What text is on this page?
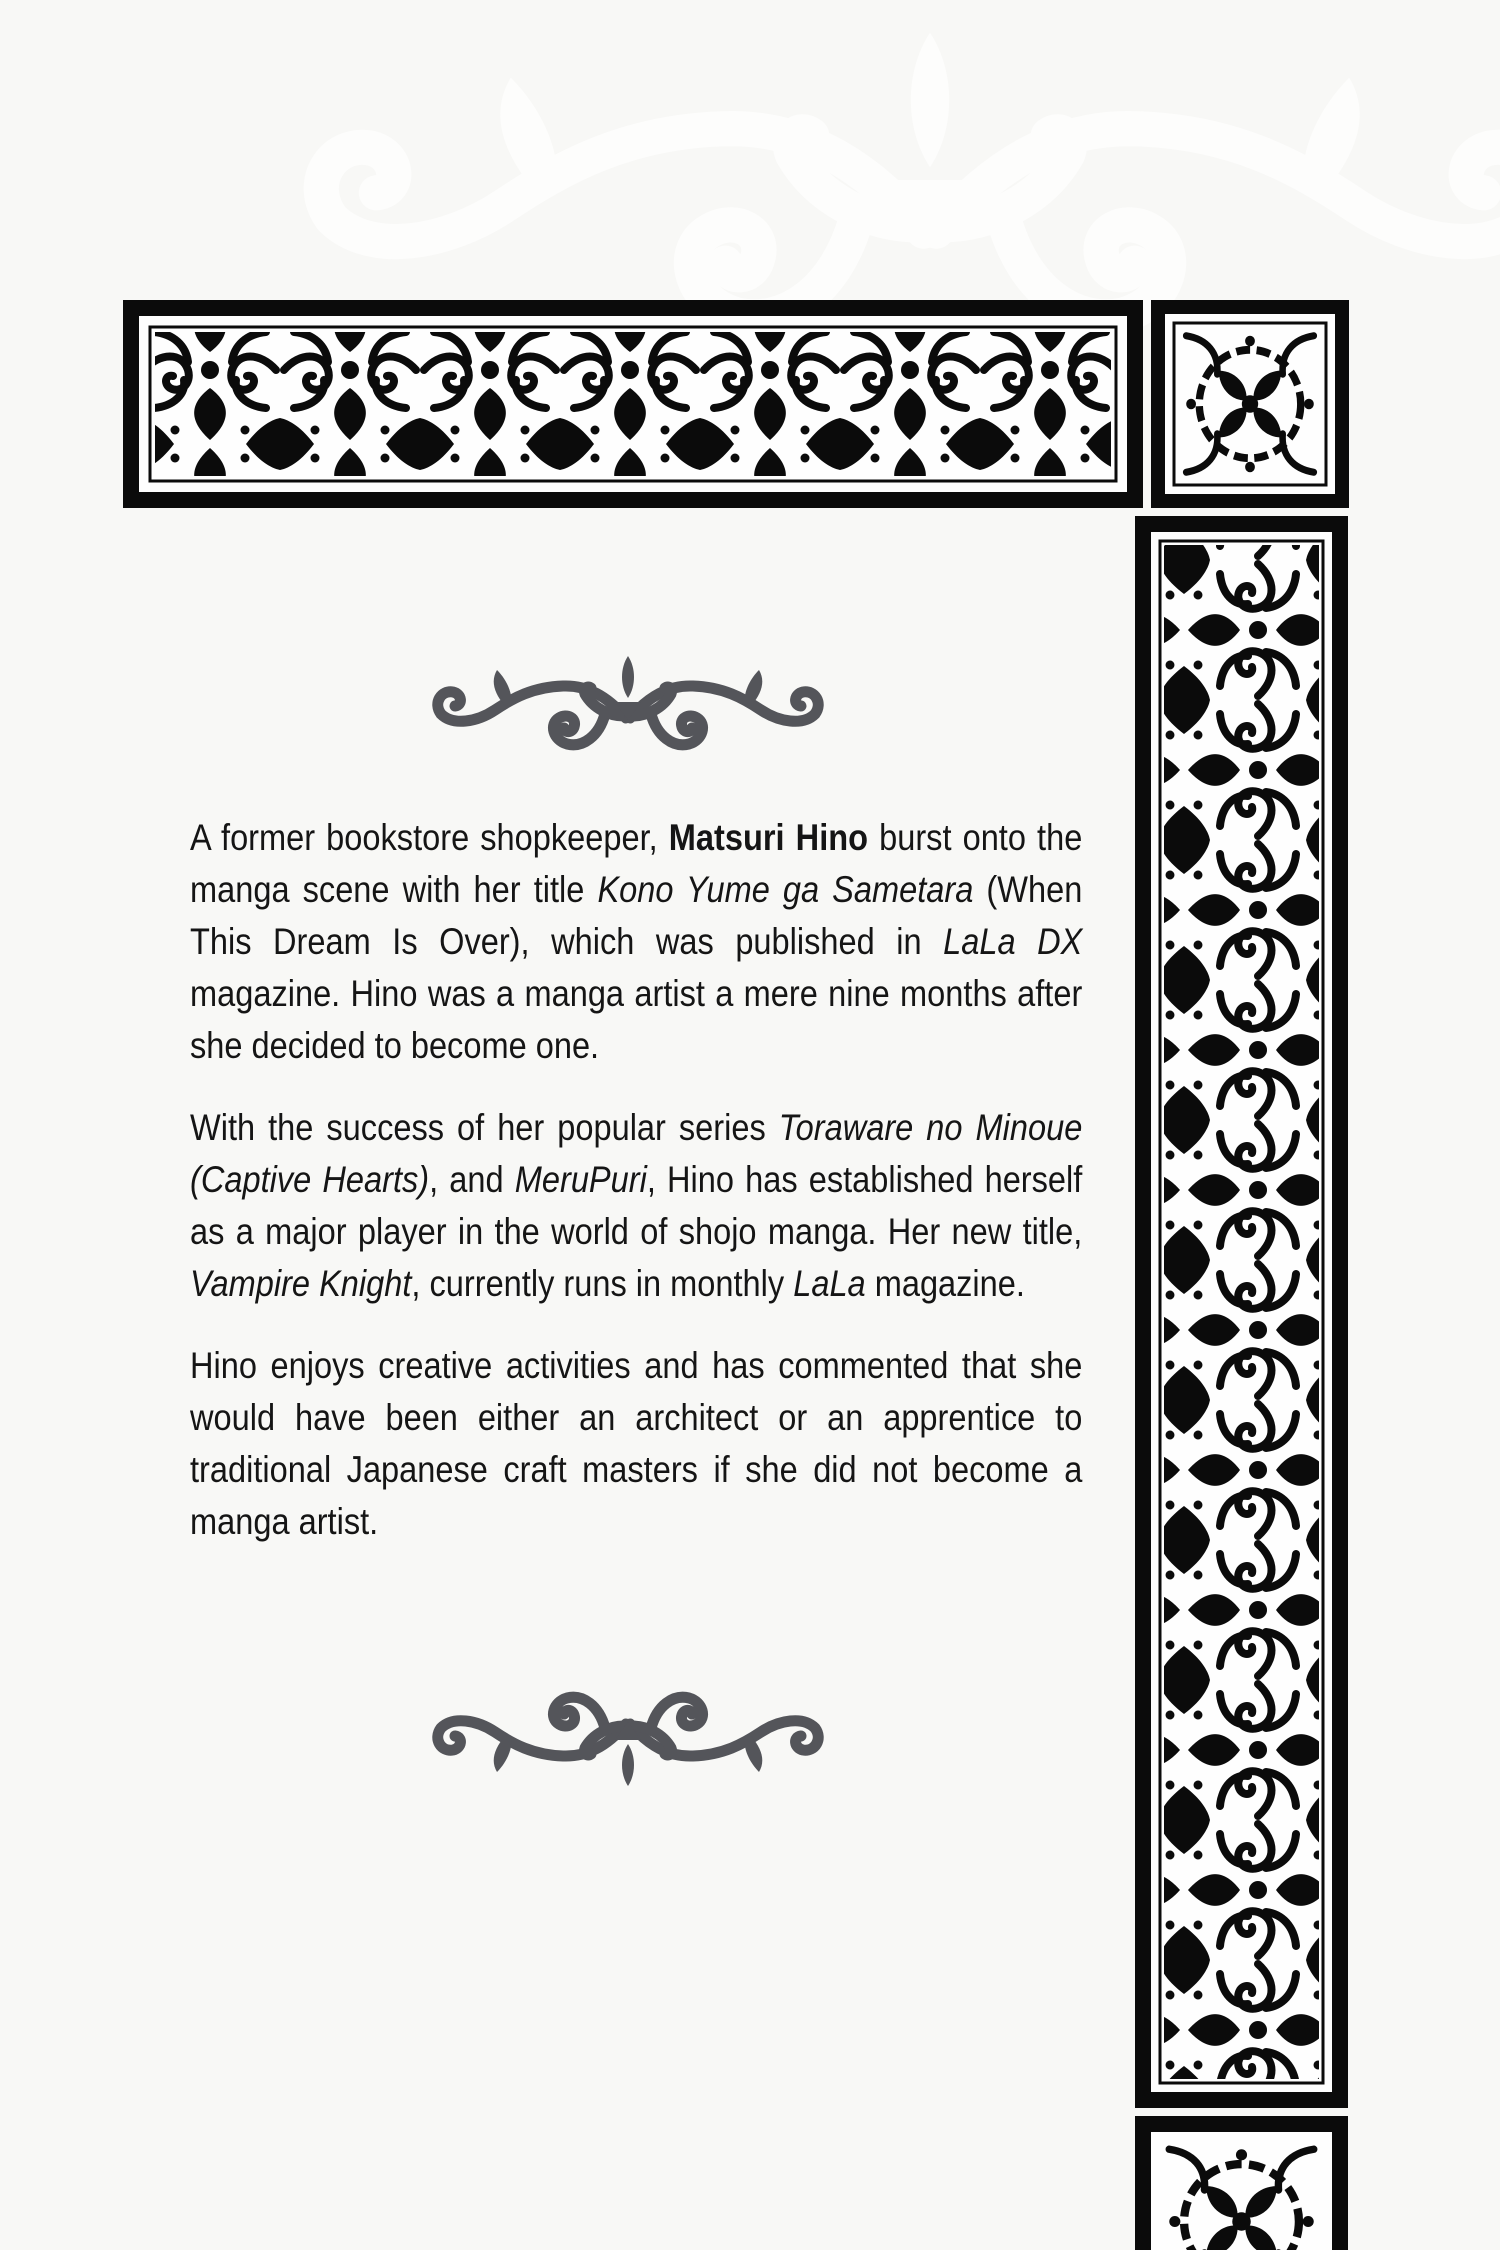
A former bookstore shopkeeper, Matsuri Hino burst onto the manga scene with her title Kono Yume ga Sametara (When This Dream Is Over), which was published in LaLa DX magazine. Hino was a manga artist a mere nine months after she decided to become one.

With the success of her popular series Toraware no Minoue (Captive Hearts), and MeruPuri, Hino has established herself as a major player in the world of shojo manga. Her new title, Vampire Knight, currently runs in monthly LaLa magazine.

Hino enjoys creative activities and has commented that she would have been either an architect or an apprentice to traditional Japanese craft masters if she did not become a manga artist.
